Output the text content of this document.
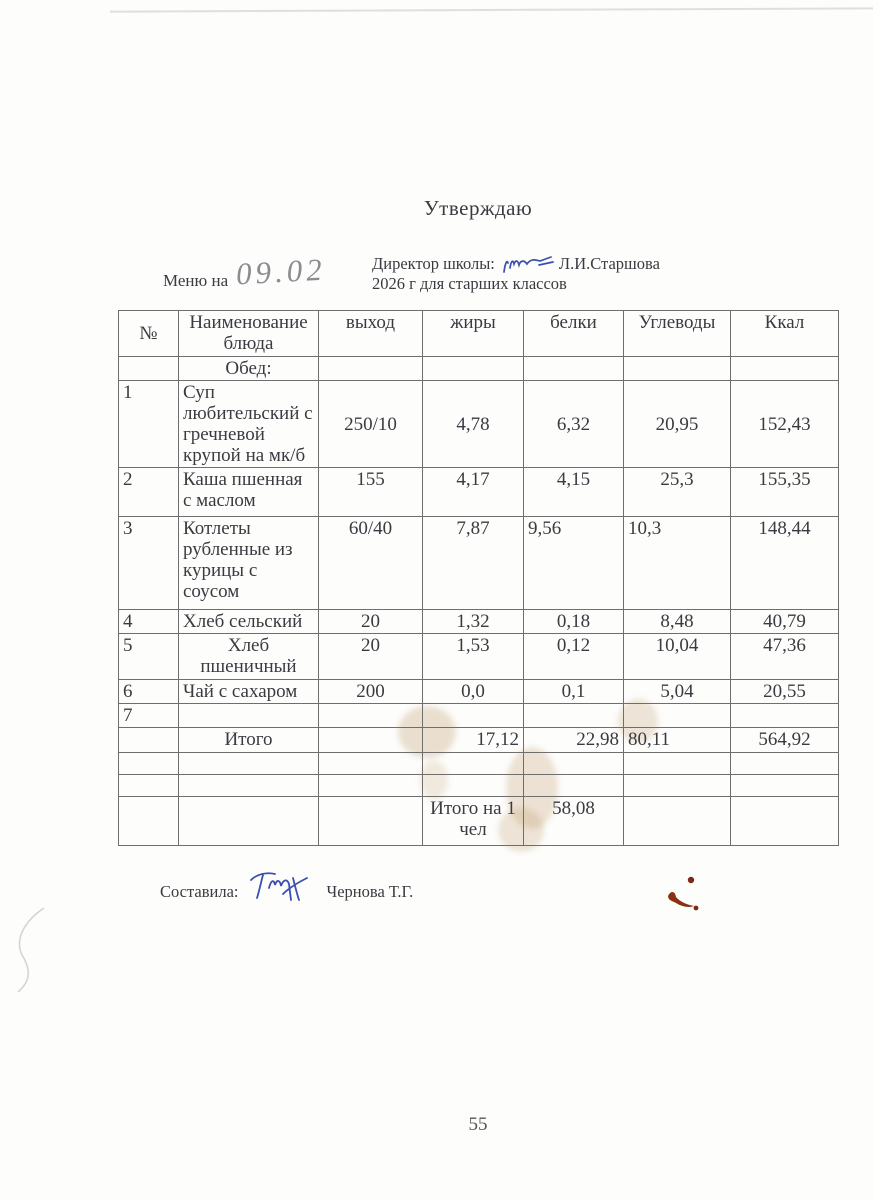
Утверждаю
Меню на 09.02	Директор школы:	Л.И.Старшова
2026 г для старших классов
№	Наименование блюда	выход	жиры	белки	Углеводы	Ккал
	Обед:					
1	Суп любительский с гречневой крупой на мк/б	250/10	4,78	6,32	20,95	152,43
2	Каша пшенная с маслом	155	4,17	4,15	25,3	155,35
3	Котлеты рубленные из курицы с соусом	60/40	7,87	9,56	10,3	148,44
4	Хлеб сельский	20	1,32	0,18	8,48	40,79
5	Хлеб пшеничный	20	1,53	0,12	10,04	47,36
6	Чай с сахаром	200	0,0	0,1	5,04	20,55
7						
	Итого		17,12	22,98	80,11	564,92

			Итого на 1 чел	58,08		
Составила:	Чернова Т.Г.
55
